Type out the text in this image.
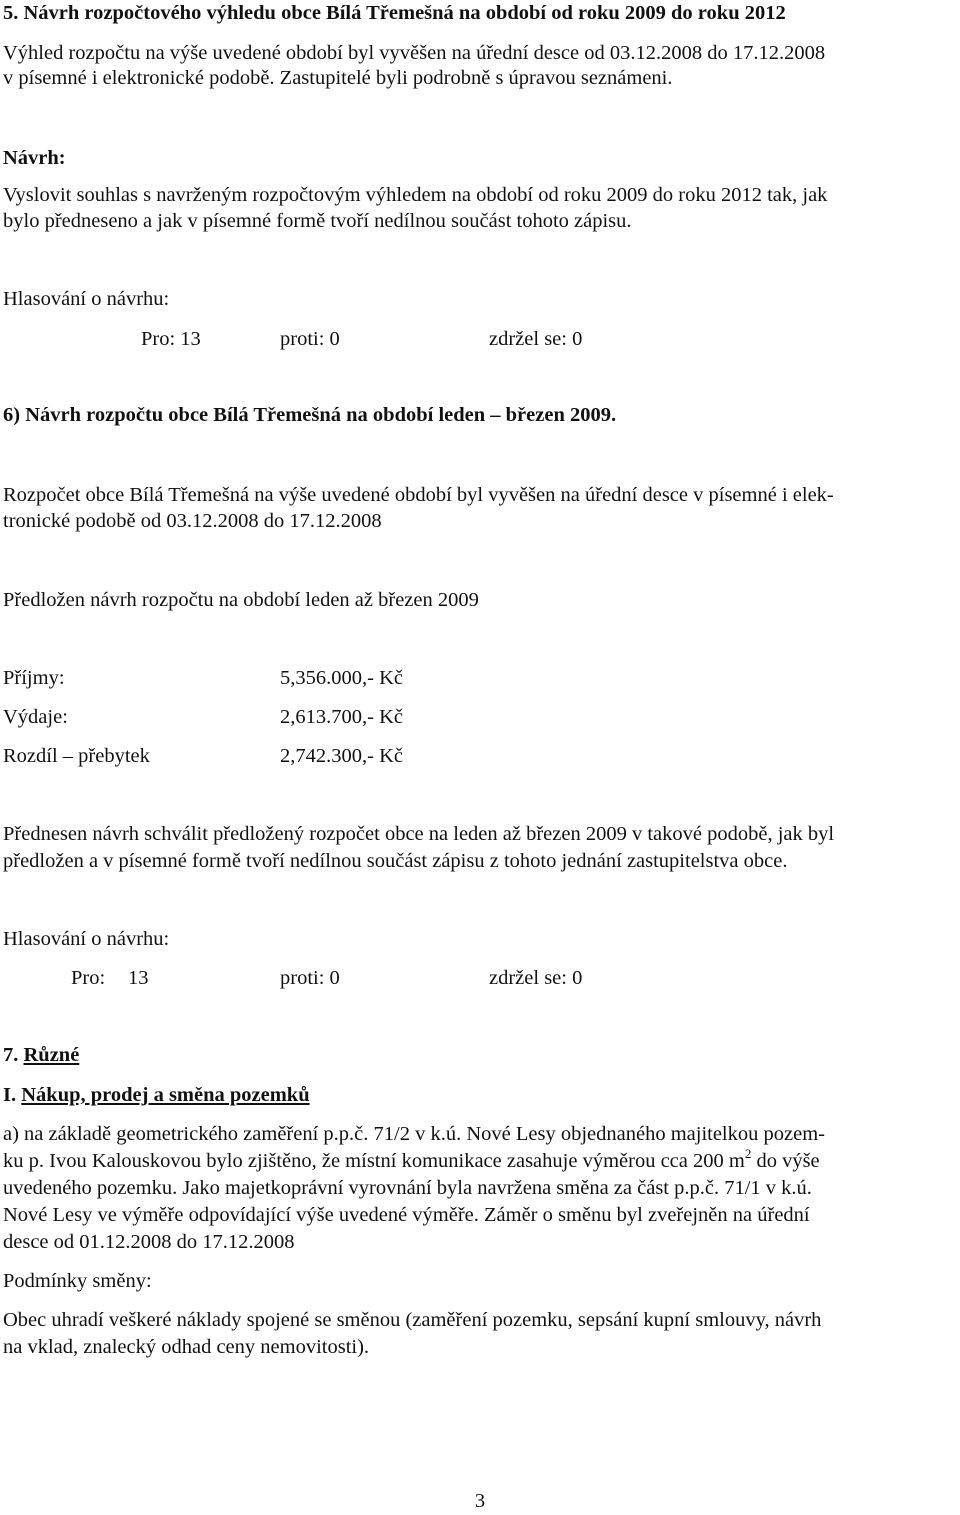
5. Návrh rozpočtového výhledu obce Bílá Třemešná na období od roku 2009 do roku 2012
Výhled rozpočtu na výše uvedené období byl vyvěšen na úřední desce od 03.12.2008 do 17.12.2008
v písemné i elektronické podobě. Zastupitelé byli podrobně s úpravou seznámeni.
Návrh:
Vyslovit souhlas s navrženým rozpočtovým výhledem na období od roku 2009 do roku 2012 tak, jak
bylo předneseno a jak v písemné formě tvoří nedílnou součást tohoto zápisu.
Hlasování o návrhu:
Pro: 13	proti: 0	zdržel se: 0
6) Návrh rozpočtu obce Bílá Třemešná na období leden – březen 2009.
Rozpočet obce Bílá Třemešná na výše uvedené období byl vyvěšen na úřední desce v písemné i elek-
tronické podobě od 03.12.2008 do 17.12.2008
Předložen návrh rozpočtu na období leden až březen 2009
Příjmy:	5,356.000,- Kč
Výdaje:	2,613.700,- Kč
Rozdíl – přebytek	2,742.300,- Kč
Přednesen návrh schválit předložený rozpočet obce na leden až březen 2009 v takové podobě, jak byl
předložen a v písemné formě tvoří nedílnou součást zápisu z tohoto jednání zastupitelstva obce.
Hlasování o návrhu:
Pro: 13	proti: 0	zdržel se: 0
7. Různé
I. Nákup, prodej a směna pozemků
a) na základě geometrického zaměření p.p.č. 71/2 v k.ú. Nové Lesy objednaného majitelkou pozem-
ku p. Ivou Kalouskovou bylo zjištěno, že místní komunikace zasahuje výměrou cca 200 $m^2$ do výše
uvedeného pozemku. Jako majetkoprávní vyrovnání byla navržena směna za část p.p.č. 71/1 v k.ú.
Nové Lesy ve výměře odpovídající výše uvedené výměře. Záměr o směnu byl zveřejněn na úřední
desce od 01.12.2008 do 17.12.2008
Podmínky směny:
Obec uhradí veškeré náklady spojené se směnou (zaměření pozemku, sepsání kupní smlouvy, návrh
na vklad, znalecký odhad ceny nemovitosti).
3
